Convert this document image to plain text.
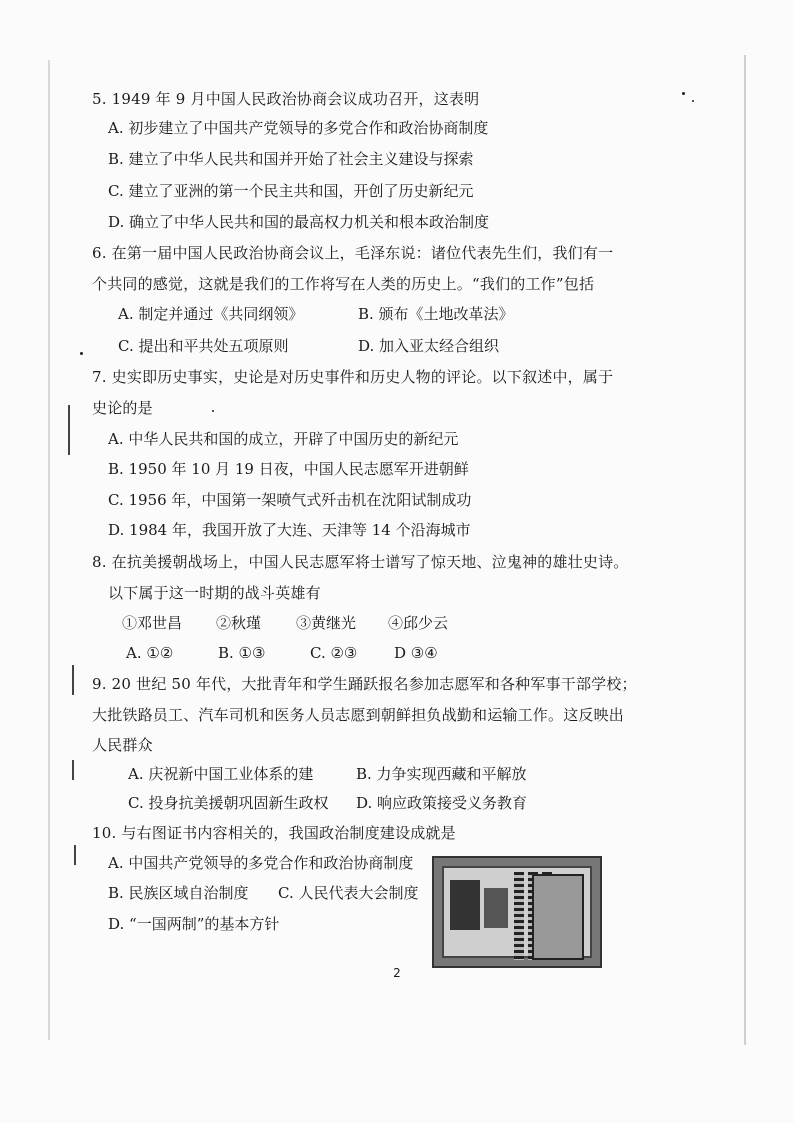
5. 1949 年 9 月中国人民政治协商会议成功召开，这表明
A. 初步建立了中国共产党领导的多党合作和政治协商制度
B. 建立了中华人民共和国并开始了社会主义建设与探索
C. 建立了亚洲的第一个民主共和国，开创了历史新纪元
D. 确立了中华人民共和国的最高权力机关和根本政治制度
6. 在第一届中国人民政治协商会议上，毛泽东说：诸位代表先生们，我们有一
个共同的感觉，这就是我们的工作将写在人类的历史上。“我们的工作”包括
A. 制定并通过《共同纲领》	B. 颁布《土地改革法》
C. 提出和平共处五项原则	D. 加入亚太经合组织
7. 史实即历史事实，史论是对历史事件和历史人物的评论。以下叙述中，属于
史论的是
A. 中华人民共和国的成立，开辟了中国历史的新纪元
B. 1950 年 10 月 19 日夜，中国人民志愿军开进朝鲜
C. 1956 年，中国第一架喷气式歼击机在沈阳试制成功
D. 1984 年，我国开放了大连、天津等 14 个沿海城市
8. 在抗美援朝战场上，中国人民志愿军将士谱写了惊天地、泣鬼神的雄壮史诗。
以下属于这一时期的战斗英雄有
①邓世昌 ②秋瑾 ③黄继光 ④邱少云
A. ①②	B. ①③	C. ②③ D ③④
9. 20 世纪 50 年代，大批青年和学生踊跃报名参加志愿军和各种军事干部学校；
大批铁路员工、汽车司机和医务人员志愿到朝鲜担负战勤和运输工作。这反映出
人民群众
A. 庆祝新中国工业体系的建	B. 力争实现西藏和平解放
C. 投身抗美援朝巩固新生政权 D. 响应政策接受义务教育
10. 与右图证书内容相关的，我国政治制度建设成就是
A. 中国共产党领导的多党合作和政治协商制度
B. 民族区域自治制度 C. 人民代表大会制度
D. “一国两制”的基本方针
2
